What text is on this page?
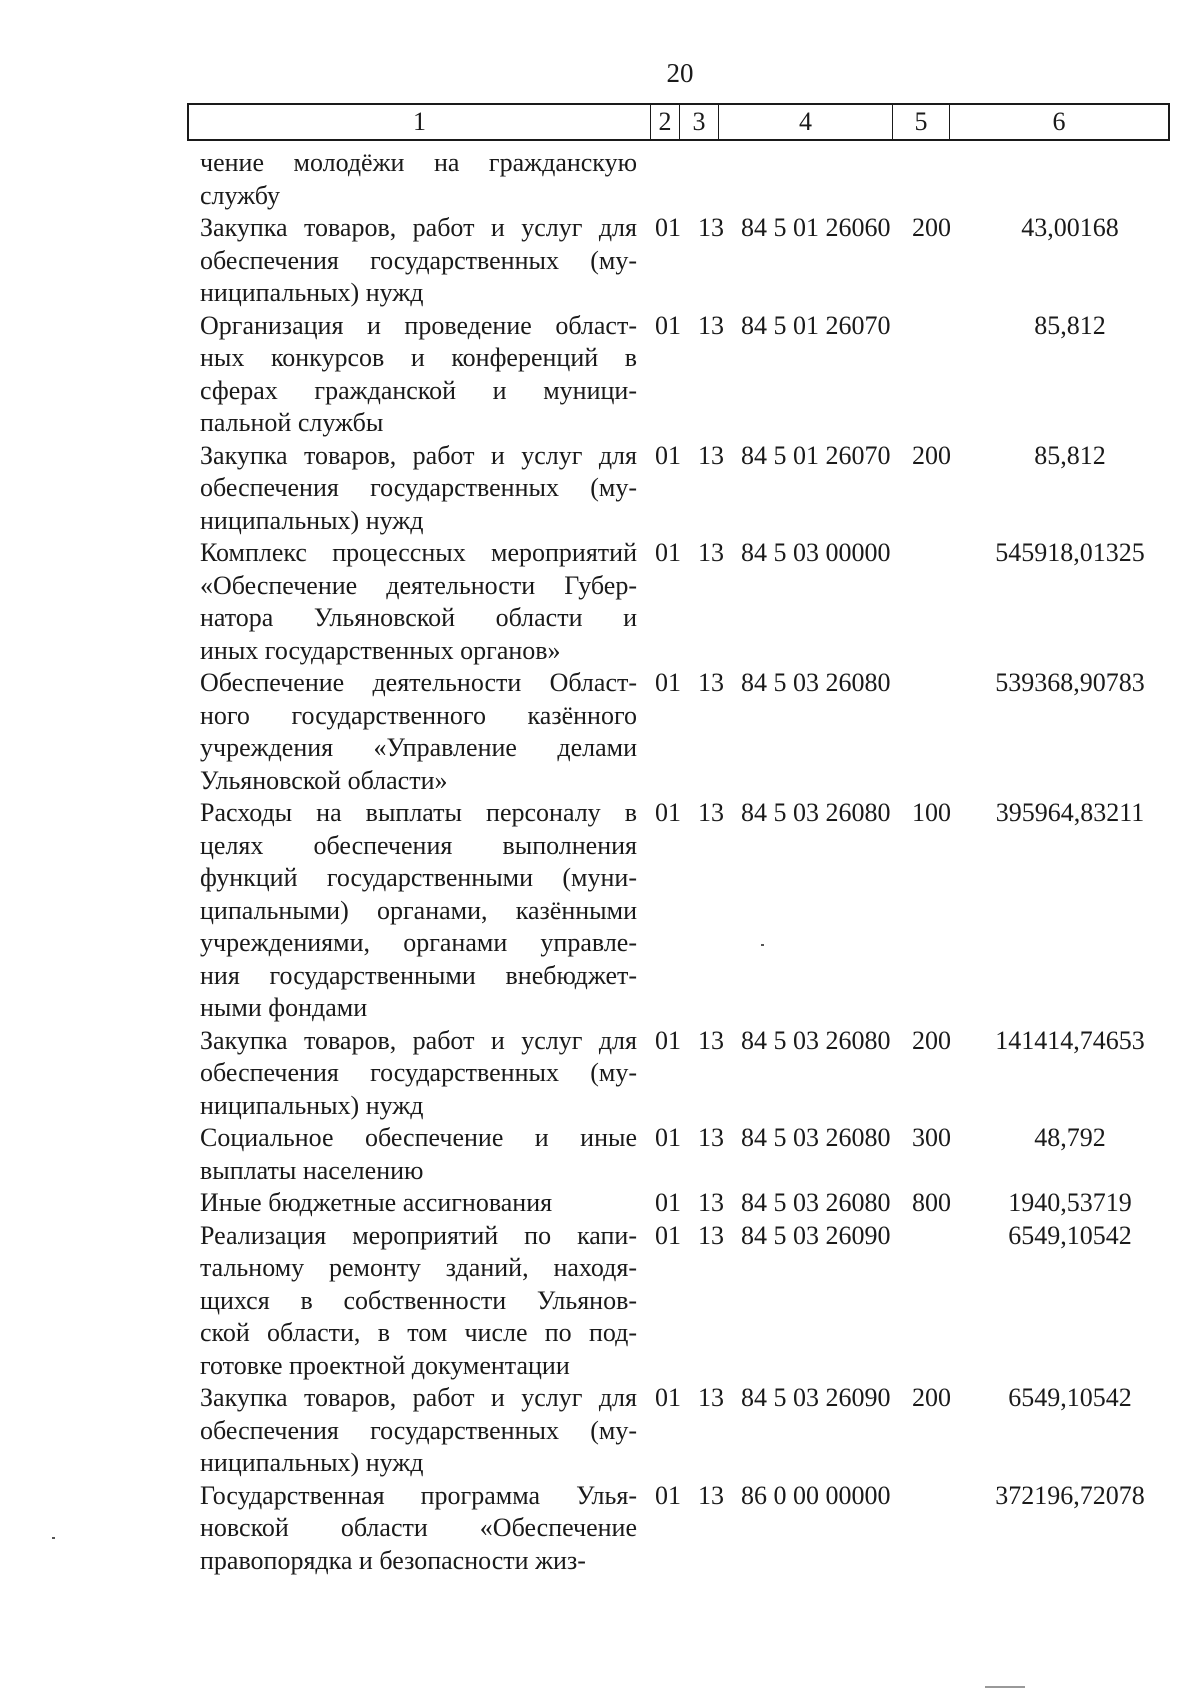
20
1	2 3	4	5	6
чение молодёжи на гражданскую
службу
Закупка товаров, работ и услуг для
обеспечения государственных (му-
ниципальных) нужд
01 13 84 5 01 26060 200	43,00168
Организация и проведение област-
ных конкурсов и конференций в
сферах гражданской и муници-
пальной службы
01 13 84 5 01 26070	85,812
Закупка товаров, работ и услуг для
обеспечения государственных (му-
ниципальных) нужд
01 13 84 5 01 26070 200	85,812
Комплекс процессных мероприятий
«Обеспечение деятельности Губер-
натора Ульяновской области и
иных государственных органов»
01 13 84 5 03 00000	545918,01325
Обеспечение деятельности Област-
ного государственного казённого
учреждения «Управление делами
Ульяновской области»
01 13 84 5 03 26080	539368,90783
Расходы на выплаты персоналу в
целях обеспечения выполнения
функций государственными (муни-
ципальными) органами, казёнными
учреждениями, органами управле-
ния государственными внебюджет-
ными фондами
01 13 84 5 03 26080 100	395964,83211
Закупка товаров, работ и услуг для
обеспечения государственных (му-
ниципальных) нужд
01 13 84 5 03 26080 200	141414,74653
Социальное обеспечение и иные
выплаты населению
01 13 84 5 03 26080 300	48,792
Иные бюджетные ассигнования	01 13 84 5 03 26080 800	1940,53719
Реализация мероприятий по капи-
тальному ремонту зданий, находя-
щихся в собственности Ульянов-
ской области, в том числе по под-
готовке проектной документации
01 13 84 5 03 26090	6549,10542
Закупка товаров, работ и услуг для
обеспечения государственных (му-
ниципальных) нужд
01 13 84 5 03 26090 200	6549,10542
Государственная программа Улья-
новской области «Обеспечение
правопорядка и безопасности жиз-
01 13 86 0 00 00000	372196,72078
